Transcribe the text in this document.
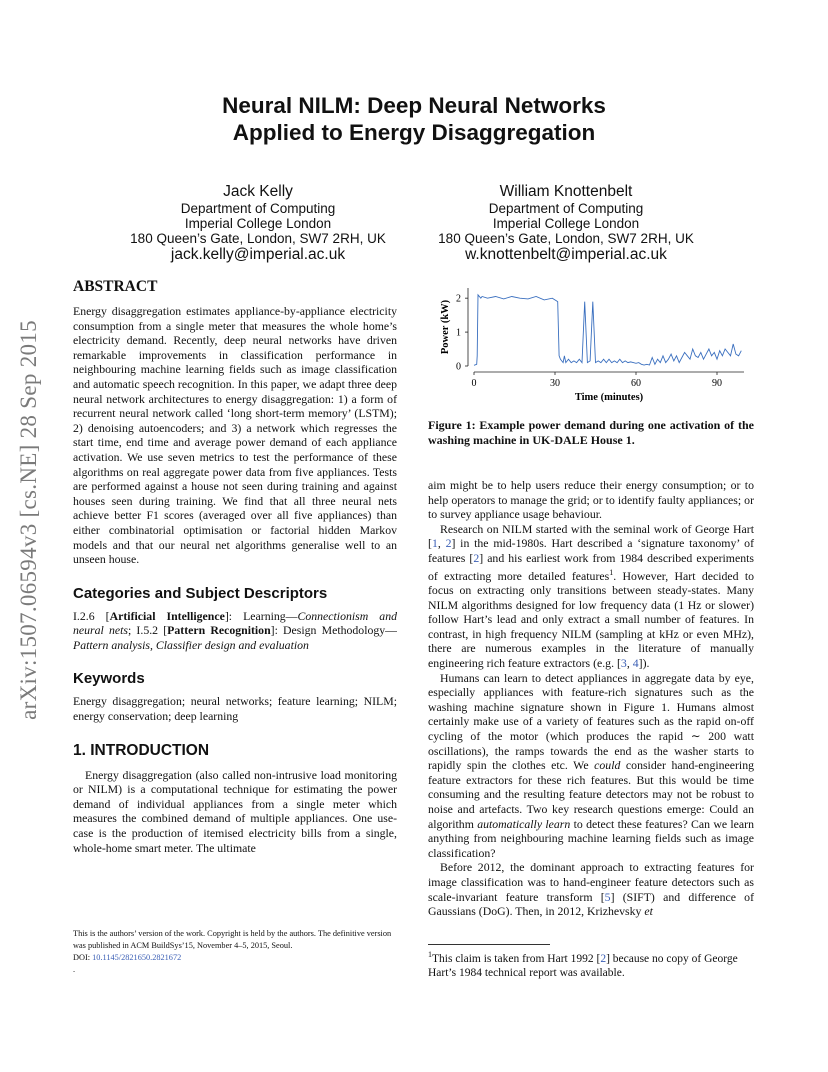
arXiv:1507.06594v3 [cs.NE] 28 Sep 2015
Neural NILM: Deep Neural Networks
Applied to Energy Disaggregation
Jack Kelly
Department of Computing
Imperial College London
180 Queen’s Gate, London, SW7 2RH, UK
jack.kelly@imperial.ac.uk
William Knottenbelt
Department of Computing
Imperial College London
180 Queen’s Gate, London, SW7 2RH, UK
w.knottenbelt@imperial.ac.uk
ABSTRACT

Energy disaggregation estimates appliance-by-appliance electricity consumption from a single meter that measures the whole home’s electricity demand. Recently, deep neural networks have driven remarkable improvements in classification performance in neighbouring machine learning fields such as image classification and automatic speech recognition. In this paper, we adapt three deep neural network architectures to energy disaggregation: 1) a form of recurrent neural network called ‘long short-term memory’ (LSTM); 2) denoising autoencoders; and 3) a network which regresses the start time, end time and average power demand of each appliance activation. We use seven metrics to test the performance of these algorithms on real aggregate power data from five appliances. Tests are performed against a house not seen during training and against houses seen during training. We find that all three neural nets achieve better F1 scores (averaged over all five appliances) than either combinatorial optimisation or factorial hidden Markov models and that our neural net algorithms generalise well to an unseen house.

Categories and Subject Descriptors

I.2.6 [Artificial Intelligence]: Learning—Connectionism and neural nets; I.5.2 [Pattern Recognition]: Design Methodology—Pattern analysis, Classifier design and evaluation

Keywords

Energy disaggregation; neural networks; feature learning; NILM; energy conservation; deep learning

1. INTRODUCTION

Energy disaggregation (also called non-intrusive load monitoring or NILM) is a computational technique for estimating the power demand of individual appliances from a single meter which measures the combined demand of multiple appliances. One use-case is the production of itemised electricity bills from a single, whole-home smart meter. The ultimate

This is the authors’ version of the work. Copyright is held by the authors. The definitive version was published in ACM BuildSys’15, November 4–5, 2015, Seoul.
DOI: 10.1145/2821650.2821672
.
0	30	60	90
0
1
2
Time (minutes)
Power (kW)
Figure 1: Example power demand during one activation of the washing machine in UK-DALE House 1.

aim might be to help users reduce their energy consumption; or to help operators to manage the grid; or to identify faulty appliances; or to survey appliance usage behaviour.

Research on NILM started with the seminal work of George Hart [1, 2] in the mid-1980s. Hart described a ‘signature taxonomy’ of features [2] and his earliest work from 1984 described experiments of extracting more detailed features$^1$. However, Hart decided to focus on extracting only transitions between steady-states. Many NILM algorithms designed for low frequency data (1 Hz or slower) follow Hart’s lead and only extract a small number of features. In contrast, in high frequency NILM (sampling at kHz or even MHz), there are numerous examples in the literature of manually engineering rich feature extractors (e.g. [3, 4]).

Humans can learn to detect appliances in aggregate data by eye, especially appliances with feature-rich signatures such as the washing machine signature shown in Figure 1. Humans almost certainly make use of a variety of features such as the rapid on-off cycling of the motor (which produces the rapid ∼ 200 watt oscillations), the ramps towards the end as the washer starts to rapidly spin the clothes etc. We could consider hand-engineering feature extractors for these rich features. But this would be time consuming and the resulting feature detectors may not be robust to noise and artefacts. Two key research questions emerge: Could an algorithm automatically learn to detect these features? Can we learn anything from neighbouring machine learning fields such as image classification?

Before 2012, the dominant approach to extracting features for image classification was to hand-engineer feature detectors such as scale-invariant feature transform [5] (SIFT) and difference of Gaussians (DoG). Then, in 2012, Krizhevsky et

$^1$This claim is taken from Hart 1992 [2] because no copy of George Hart’s 1984 technical report was available.
